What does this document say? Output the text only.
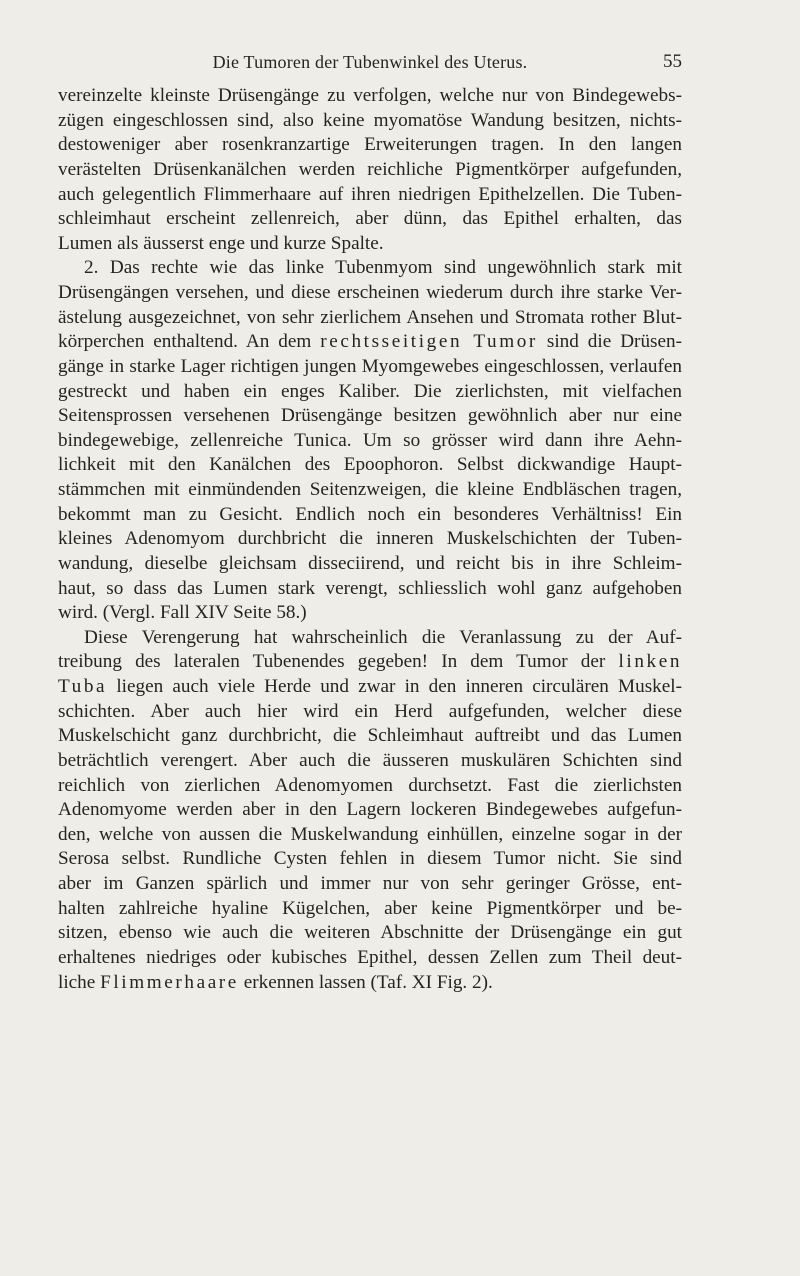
Die Tumoren der Tubenwinkel des Uterus.	55
vereinzelte kleinste Drüsengänge zu verfolgen, welche nur von Bindegewebs-
zügen eingeschlossen sind, also keine myomatöse Wandung besitzen, nichts-
destoweniger aber rosenkranzartige Erweiterungen tragen. In den langen
verästelten Drüsenkanälchen werden reichliche Pigmentkörper aufgefunden,
auch gelegentlich Flimmerhaare auf ihren niedrigen Epithelzellen. Die Tuben-
schleimhaut erscheint zellenreich, aber dünn, das Epithel erhalten, das
Lumen als äusserst enge und kurze Spalte.
2. Das rechte wie das linke Tubenmyom sind ungewöhnlich stark mit
Drüsengängen versehen, und diese erscheinen wiederum durch ihre starke Ver-
ästelung ausgezeichnet, von sehr zierlichem Ansehen und Stromata rother Blut-
körperchen enthaltend. An dem rechtsseitigen Tumor sind die Drüsen-
gänge in starke Lager richtigen jungen Myomgewebes eingeschlossen, verlaufen
gestreckt und haben ein enges Kaliber. Die zierlichsten, mit vielfachen
Seitensprossen versehenen Drüsengänge besitzen gewöhnlich aber nur eine
bindegewebige, zellenreiche Tunica. Um so grösser wird dann ihre Aehn-
lichkeit mit den Kanälchen des Epoophoron. Selbst dickwandige Haupt-
stämmchen mit einmündenden Seitenzweigen, die kleine Endbläschen tragen,
bekommt man zu Gesicht. Endlich noch ein besonderes Verhältniss! Ein
kleines Adenomyom durchbricht die inneren Muskelschichten der Tuben-
wandung, dieselbe gleichsam disseciirend, und reicht bis in ihre Schleim-
haut, so dass das Lumen stark verengt, schliesslich wohl ganz aufgehoben
wird. (Vergl. Fall XIV Seite 58.)
Diese Verengerung hat wahrscheinlich die Veranlassung zu der Auf-
treibung des lateralen Tubenendes gegeben! In dem Tumor der linken
Tuba liegen auch viele Herde und zwar in den inneren circulären Muskel-
schichten. Aber auch hier wird ein Herd aufgefunden, welcher diese
Muskelschicht ganz durchbricht, die Schleimhaut auftreibt und das Lumen
beträchtlich verengert. Aber auch die äusseren muskulären Schichten sind
reichlich von zierlichen Adenomyomen durchsetzt. Fast die zierlichsten
Adenomyome werden aber in den Lagern lockeren Bindegewebes aufgefun-
den, welche von aussen die Muskelwandung einhüllen, einzelne sogar in der
Serosa selbst. Rundliche Cysten fehlen in diesem Tumor nicht. Sie sind
aber im Ganzen spärlich und immer nur von sehr geringer Grösse, ent-
halten zahlreiche hyaline Kügelchen, aber keine Pigmentkörper und be-
sitzen, ebenso wie auch die weiteren Abschnitte der Drüsengänge ein gut
erhaltenes niedriges oder kubisches Epithel, dessen Zellen zum Theil deut-
liche Flimmerhaare erkennen lassen (Taf. XI Fig. 2).
